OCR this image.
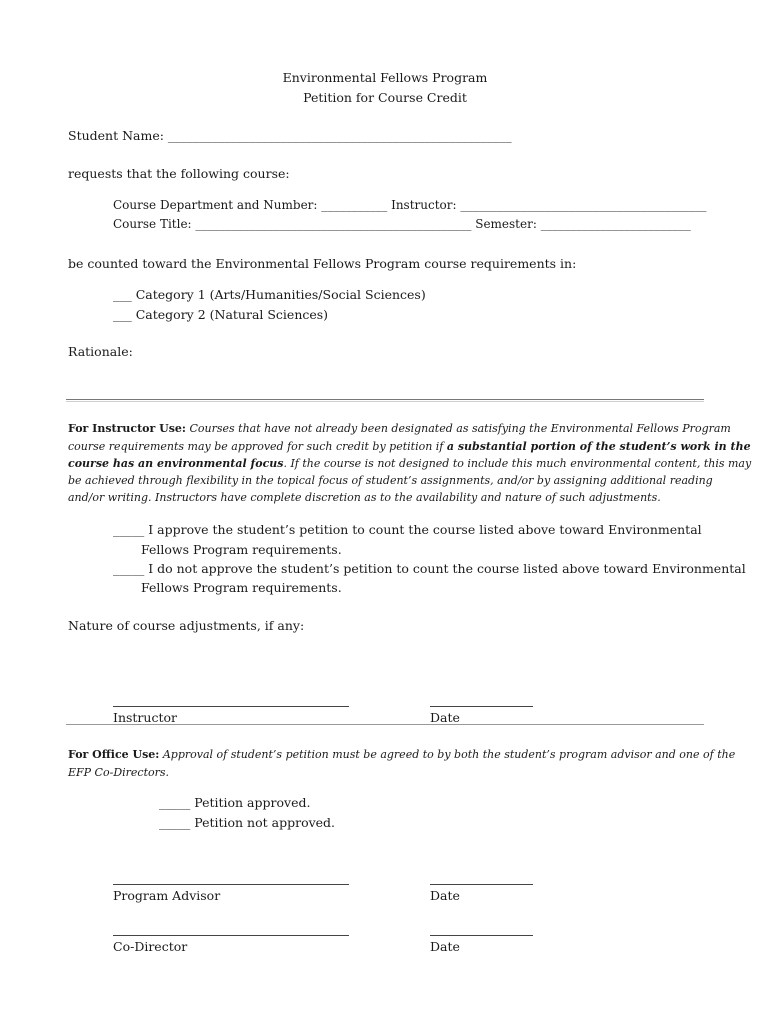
Environmental Fellows Program
Petition for Course Credit
Student Name: _______________________________________________________
requests that the following course:
Course Department and Number: ___________ Instructor: _________________________________________
Course Title: ______________________________________________ Semester: _________________________
be counted toward the Environmental Fellows Program course requirements in:
___ Category 1 (Arts/Humanities/Social Sciences)
___ Category 2 (Natural Sciences)
Rationale:
For Instructor Use: Courses that have not already been designated as satisfying the Environmental Fellows Program
course requirements may be approved for such credit by petition if a substantial portion of the student’s work in the
course has an environmental focus. If the course is not designed to include this much environmental content, this may
be achieved through flexibility in the topical focus of student’s assignments, and/or by assigning additional reading
and/or writing. Instructors have complete discretion as to the availability and nature of such adjustments.
_____ I approve the student’s petition to count the course listed above toward Environmental
Fellows Program requirements.
_____ I do not approve the student’s petition to count the course listed above toward Environmental
Fellows Program requirements.
Nature of course adjustments, if any:
Instructor	Date
For Office Use: Approval of student’s petition must be agreed to by both the student’s program advisor and one of the
EFP Co-Directors.
_____ Petition approved.
_____ Petition not approved.
Program Advisor	Date
Co-Director	Date
